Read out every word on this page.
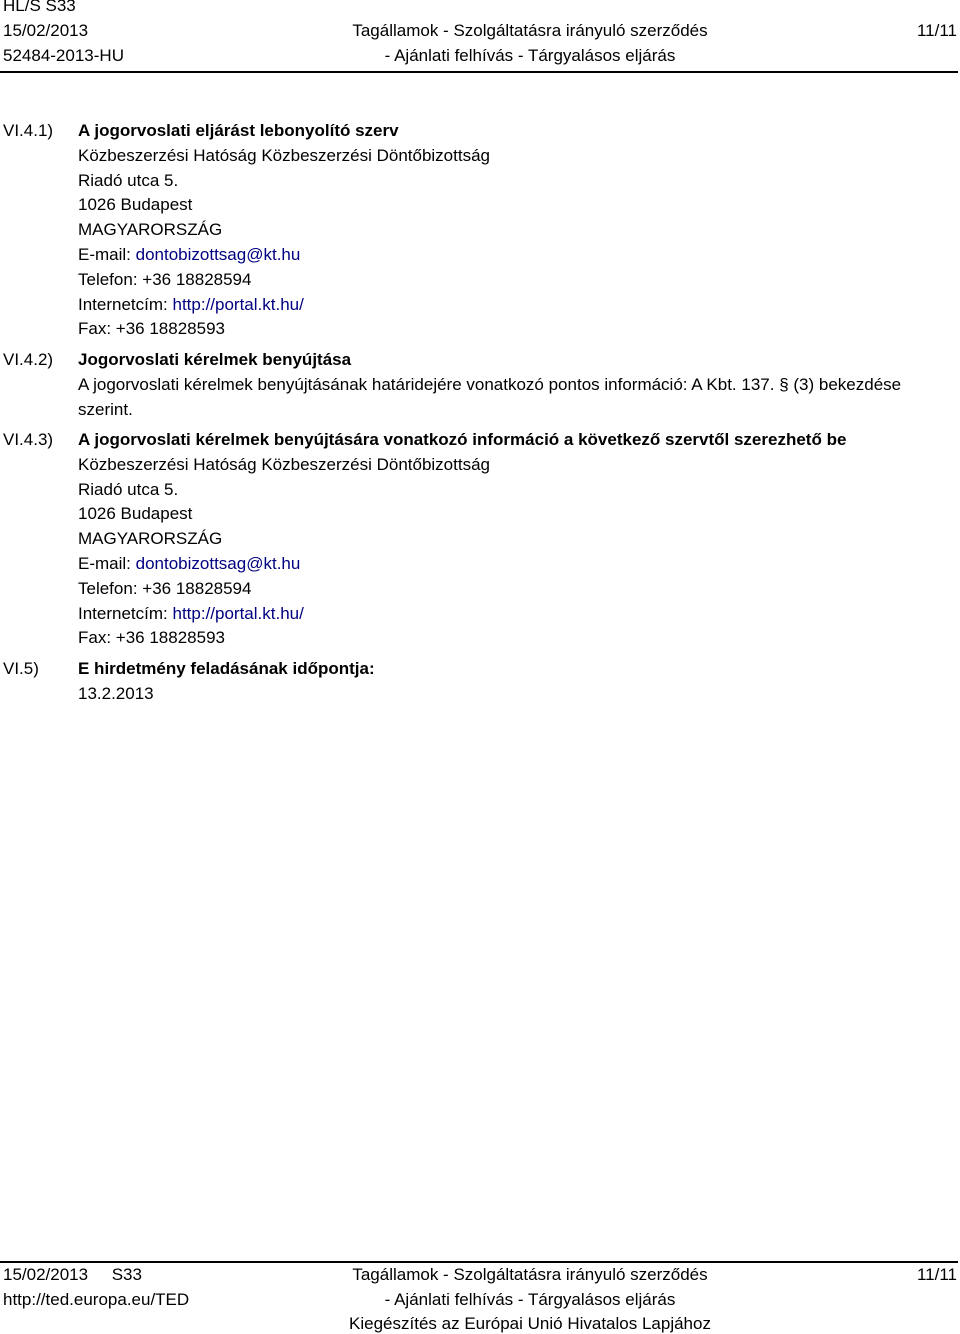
HL/S S33
15/02/2013
52484-2013-HU
Tagállamok - Szolgáltatásra irányuló szerződés
- Ajánlati felhívás - Tárgyalásos eljárás
11/11
VI.4.1) A jogorvoslati eljárást lebonyolító szerv
Közbeszerzési Hatóság Közbeszerzési Döntőbizottság
Riadó utca 5.
1026 Budapest
MAGYARORSZÁG
E-mail: dontobizottsag@kt.hu
Telefon: +36 18828594
Internetcím: http://portal.kt.hu/
Fax: +36 18828593
VI.4.2) Jogorvoslati kérelmek benyújtása
A jogorvoslati kérelmek benyújtásának határidejére vonatkozó pontos információ: A Kbt. 137. § (3) bekezdése szerint.
VI.4.3) A jogorvoslati kérelmek benyújtására vonatkozó információ a következő szervtől szerezhető be
Közbeszerzési Hatóság Közbeszerzési Döntőbizottság
Riadó utca 5.
1026 Budapest
MAGYARORSZÁG
E-mail: dontobizottsag@kt.hu
Telefon: +36 18828594
Internetcím: http://portal.kt.hu/
Fax: +36 18828593
VI.5) E hirdetmény feladásának időpontja:
13.2.2013
15/02/2013     S33
http://ted.europa.eu/TED
Tagállamok - Szolgáltatásra irányuló szerződés
- Ajánlati felhívás - Tárgyalásos eljárás
Kiegészítés az Európai Unió Hivatalos Lapjához
11/11
